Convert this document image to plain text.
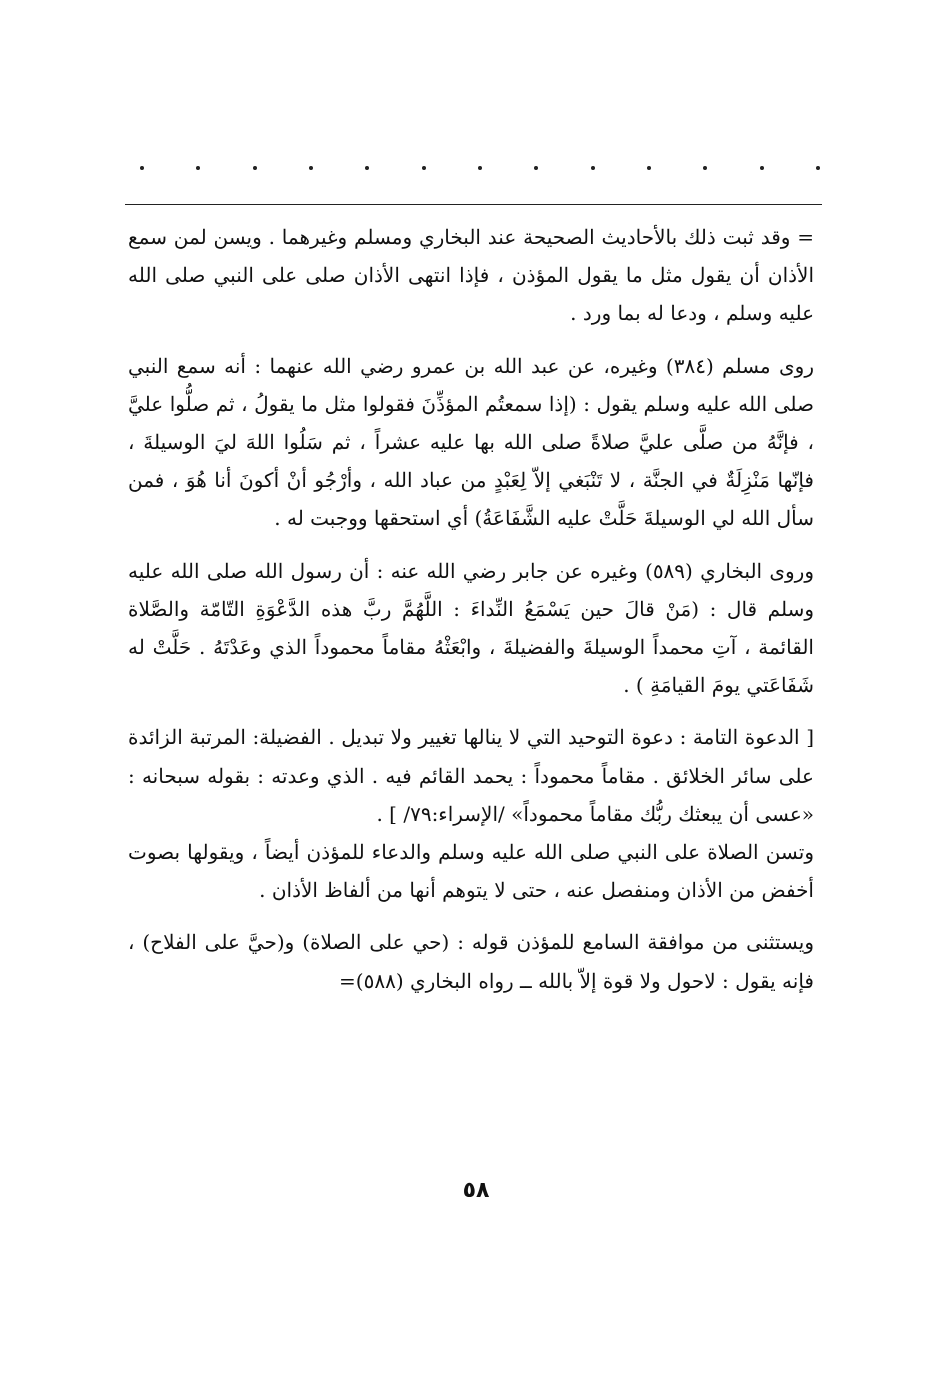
= وقد ثبت ذلك بالأحاديث الصحيحة عند البخاري ومسلم وغيرهما . ويسن لمن سمع الأذان أن يقول مثل ما يقول المؤذن ، فإذا انتهى الأذان صلى على النبي صلى الله عليه وسلم ، ودعا له بما ورد .

روى مسلم (٣٨٤) وغيره، عن عبد الله بن عمرو رضي الله عنهما : أنه سمع النبي صلى الله عليه وسلم يقول : (إذا سمعتُم المؤذِّنَ فقولوا مثل ما يقولُ ، ثم صلُّوا عليَّ ، فإنَّهُ من صلَّى عليَّ صلاةً صلى الله بها عليه عشراً ، ثم سَلُوا اللهَ ليَ الوسيلةَ ، فإنّها مَنْزِلَةٌ في الجنَّة ، لا تَنْبَغي إلاّ لِعَبْدٍ من عباد الله ، وأرْجُو أنْ أكونَ أنا هُوَ ، فمن سأل الله لي الوسيلةَ حَلَّتْ عليه الشَّفَاعَةُ) أي استحقها ووجبت له .

وروى البخاري (٥٨٩) وغيره عن جابر رضي الله عنه : أن رسول الله صلى الله عليه وسلم قال : (مَنْ قالَ حين يَسْمَعُ النِّداءَ : اللَّهُمَّ ربَّ هذه الدَّعْوَةِ التّامّة والصَّلاة القائمة ، آتِ محمداً الوسيلةَ والفضيلةَ ، وابْعَثْهُ مقاماً محموداً الذي وعَدْتَهُ . حَلَّتْ له شَفَاعَتي يومَ القيامَةِ ) .

[ الدعوة التامة : دعوة التوحيد التي لا ينالها تغيير ولا تبديل . الفضيلة: المرتبة الزائدة على سائر الخلائق . مقاماً محموداً : يحمد القائم فيه . الذي وعدته : بقوله سبحانه : «عسى أن يبعثك ربُّك مقاماً محموداً» /الإسراء:٧٩/ ] .

وتسن الصلاة على النبي صلى الله عليه وسلم والدعاء للمؤذن أيضاً ، ويقولها بصوت أخفض من الأذان ومنفصل عنه ، حتى لا يتوهم أنها من ألفاظ الأذان .

ويستثنى من موافقة السامع للمؤذن قوله : (حي على الصلاة) و(حيَّ على الفلاح) ، فإنه يقول : لاحول ولا قوة إلاّ بالله ــ رواه البخاري (٥٨٨)=

٥٨
